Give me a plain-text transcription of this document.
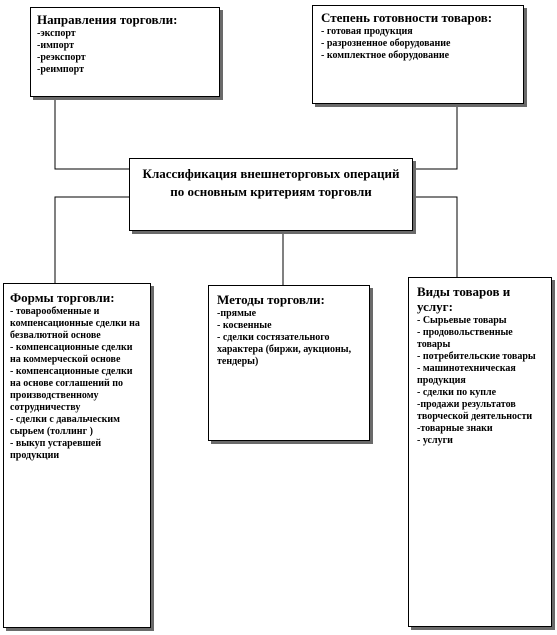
Направления торговли:
-экспорт
-импорт
-реэкспорт
-реимпорт
Степень готовности товаров:
- готовая продукция
- разрозненное оборудование
- комплектное оборудование
Классификация внешнеторговых операций по основным критериям торговли
Формы торговли:
- товарообменные и компенсационные сделки на безвалютной основе
- компенсационные сделки на коммерческой основе
- компенсационные сделки на основе соглашений по производственному сотрудничеству
- сделки с давальческим сырьем (толлинг )
- выкуп устаревшей продукции
Методы торговли:
-прямые
- косвенные
- сделки состязательного характера (биржи, аукционы, тендеры)
Виды товаров и услуг:
- Сырьевые товары
- продовольственные товары
- потребительские товары
- машинотехническая продукция
- сделки по купле
-продажи результатов творческой деятельности
-товарные знаки
- услуги
